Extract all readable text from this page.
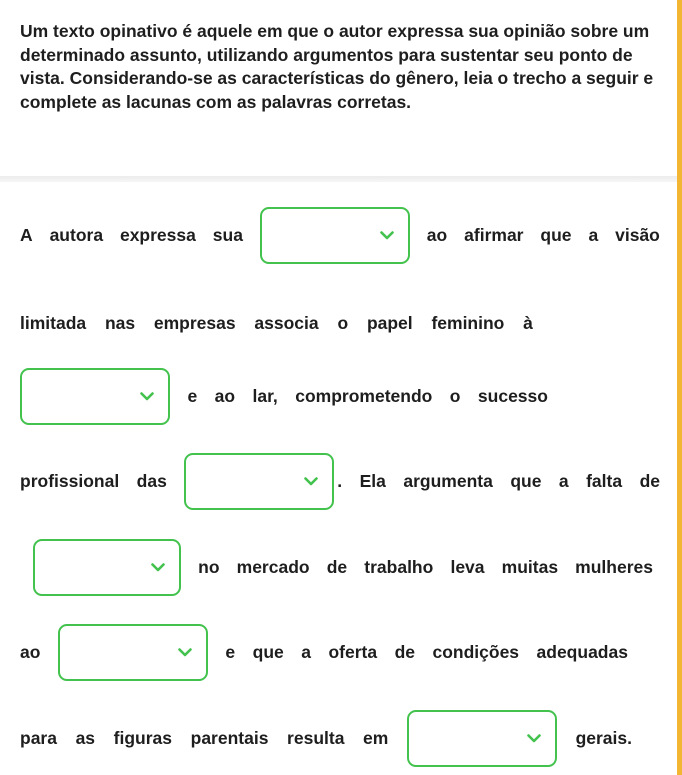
Um texto opinativo é aquele em que o autor expressa sua opinião sobre um determinado assunto, utilizando argumentos para sustentar seu ponto de vista. Considerando-se as características do gênero, leia o trecho a seguir e complete as lacunas com as palavras corretas.

A autora expressa sua	ao afirmar que a visão
limitada nas empresas associa o papel feminino à
e ao lar, comprometendo o sucesso
profissional das	. Ela argumenta que a falta de
no mercado de trabalho leva muitas mulheres
ao	e que a oferta de condições adequadas
para as figuras parentais resulta em	gerais.
